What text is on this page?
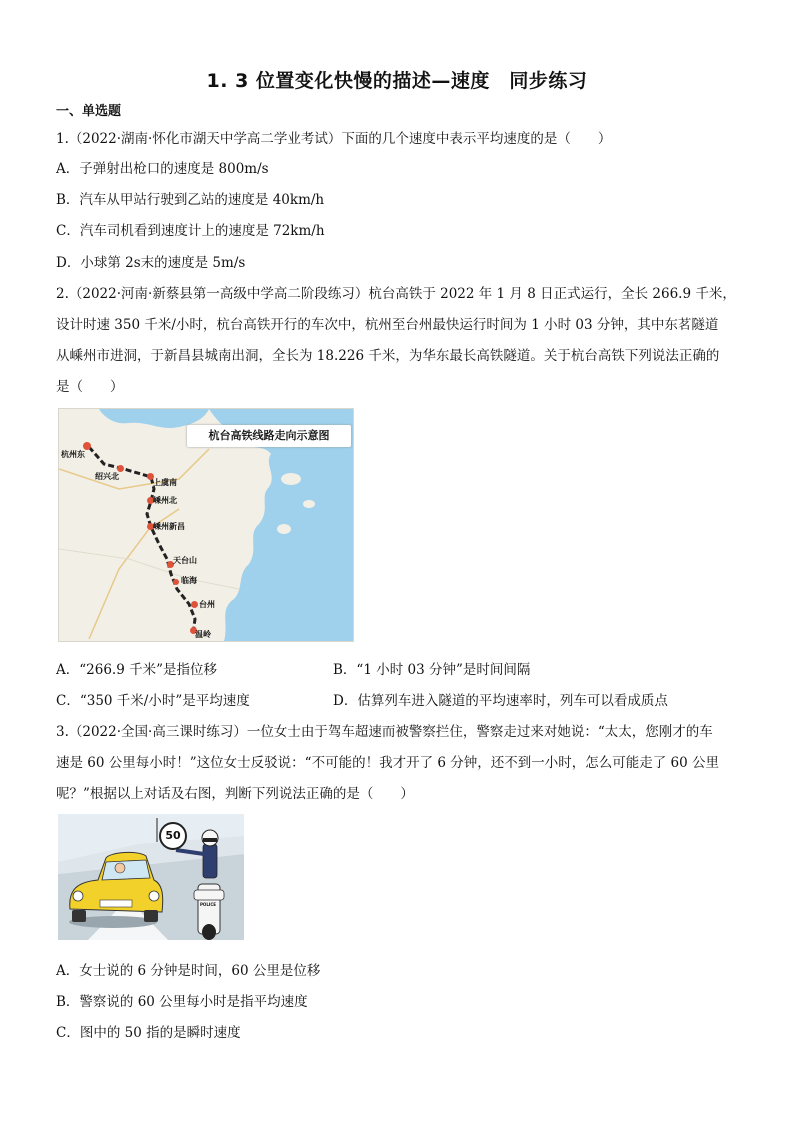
1. 3 位置变化快慢的描述—速度　同步练习
一、单选题
1.（2022·湖南·怀化市湖天中学高二学业考试）下面的几个速度中表示平均速度的是（　　）
A．子弹射出枪口的速度是 800m/s
B．汽车从甲站行驶到乙站的速度是 40km/h
C．汽车司机看到速度计上的速度是 72km/h
D．小球第 2s末的速度是 5m/s
2.（2022·河南·新蔡县第一高级中学高二阶段练习）杭台高铁于 2022 年 1 月 8 日正式运行，全长 266.9 千米，
设计时速 350 千米/小时，杭台高铁开行的车次中，杭州至台州最快运行时间为 1 小时 03 分钟，其中东茗隧道
从嵊州市进洞，于新昌县城南出洞，全长为 18.226 千米，为华东最长高铁隧道。关于杭台高铁下列说法正确的
是（　　）
杭台高铁线路走向示意图
杭州东
绍兴北
上虞南
嵊州北
嵊州新昌
天台山
临海
台州
温岭
A．“266.9 千米”是指位移	B．“1 小时 03 分钟”是时间间隔
C．“350 千米/小时”是平均速度	D．估算列车进入隧道的平均速率时，列车可以看成质点
3.（2022·全国·高三课时练习）一位女士由于驾车超速而被警察拦住，警察走过来对她说：“太太，您刚才的车
速是 60 公里每小时！”这位女士反驳说：“不可能的！我才开了 6 分钟，还不到一小时，怎么可能走了 60 公里
呢？”根据以上对话及右图，判断下列说法正确的是（　　）
50
POLICE
A．女士说的 6 分钟是时间，60 公里是位移
B．警察说的 60 公里每小时是指平均速度
C．图中的 50 指的是瞬时速度
